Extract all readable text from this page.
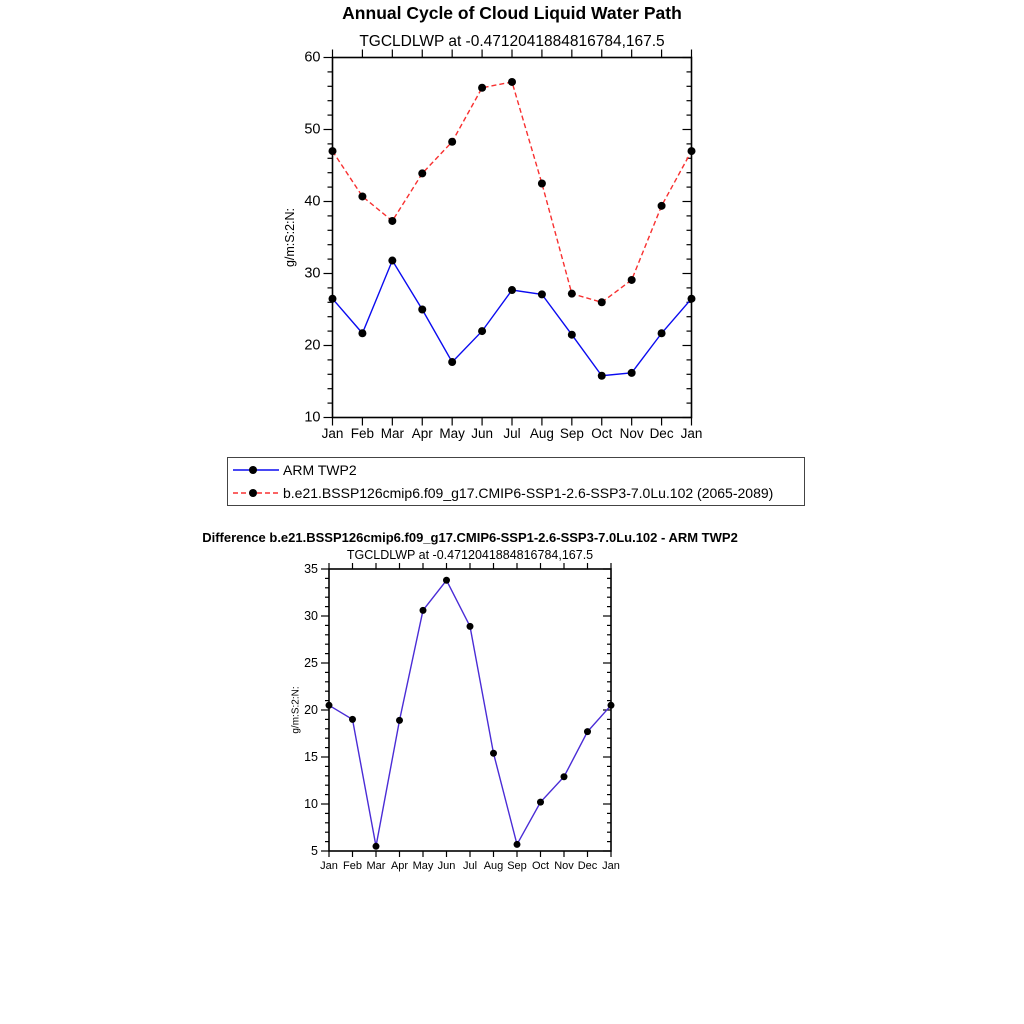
Annual Cycle of Cloud Liquid Water Path
TGCLDLWP at -0.4712041884816784,167.5
Jan Feb Mar Apr May Jun Jul Aug Sep Oct Nov Dec Jan
10
20
30
40
50
60
g/m:S:2:N:
Jan Feb Mar Apr May Jun Jul Aug Sep Oct Nov Dec Jan
5
10
15
20
25
30
35
g/m:S:2:N:
ARM TWP2
b.e21.BSSP126cmip6.f09_g17.CMIP6-SSP1-2.6-SSP3-7.0Lu.102 (2065-2089)
Difference b.e21.BSSP126cmip6.f09_g17.CMIP6-SSP1-2.6-SSP3-7.0Lu.102 - ARM TWP2
TGCLDLWP at -0.4712041884816784,167.5
